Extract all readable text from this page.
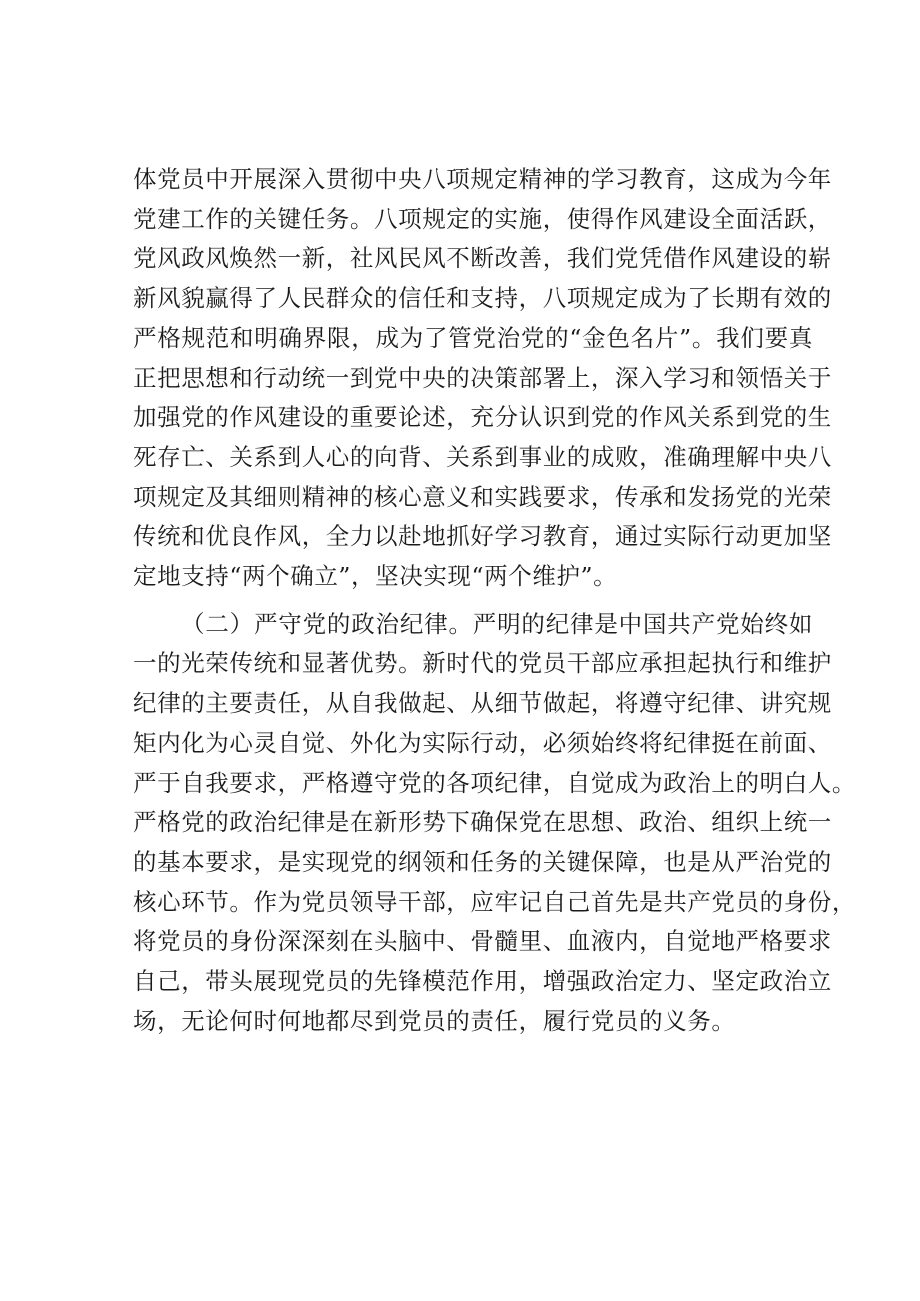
体党员中开展深入贯彻中央八项规定精神的学习教育，这成为今年
党建工作的关键任务。八项规定的实施，使得作风建设全面活跃，
党风政风焕然一新，社风民风不断改善，我们党凭借作风建设的崭
新风貌赢得了人民群众的信任和支持，八项规定成为了长期有效的
严格规范和明确界限，成为了管党治党的“金色名片”。我们要真
正把思想和行动统一到党中央的决策部署上，深入学习和领悟关于
加强党的作风建设的重要论述，充分认识到党的作风关系到党的生
死存亡、关系到人心的向背、关系到事业的成败，准确理解中央八
项规定及其细则精神的核心意义和实践要求，传承和发扬党的光荣
传统和优良作风，全力以赴地抓好学习教育，通过实际行动更加坚
定地支持“两个确立”，坚决实现“两个维护”。
（二）严守党的政治纪律。严明的纪律是中国共产党始终如
一的光荣传统和显著优势。新时代的党员干部应承担起执行和维护
纪律的主要责任，从自我做起、从细节做起，将遵守纪律、讲究规
矩内化为心灵自觉、外化为实际行动，必须始终将纪律挺在前面、
严于自我要求，严格遵守党的各项纪律，自觉成为政治上的明白人。
严格党的政治纪律是在新形势下确保党在思想、政治、组织上统一
的基本要求，是实现党的纲领和任务的关键保障，也是从严治党的
核心环节。作为党员领导干部，应牢记自己首先是共产党员的身份，
将党员的身份深深刻在头脑中、骨髓里、血液内，自觉地严格要求
自己，带头展现党员的先锋模范作用，增强政治定力、坚定政治立
场，无论何时何地都尽到党员的责任，履行党员的义务。
